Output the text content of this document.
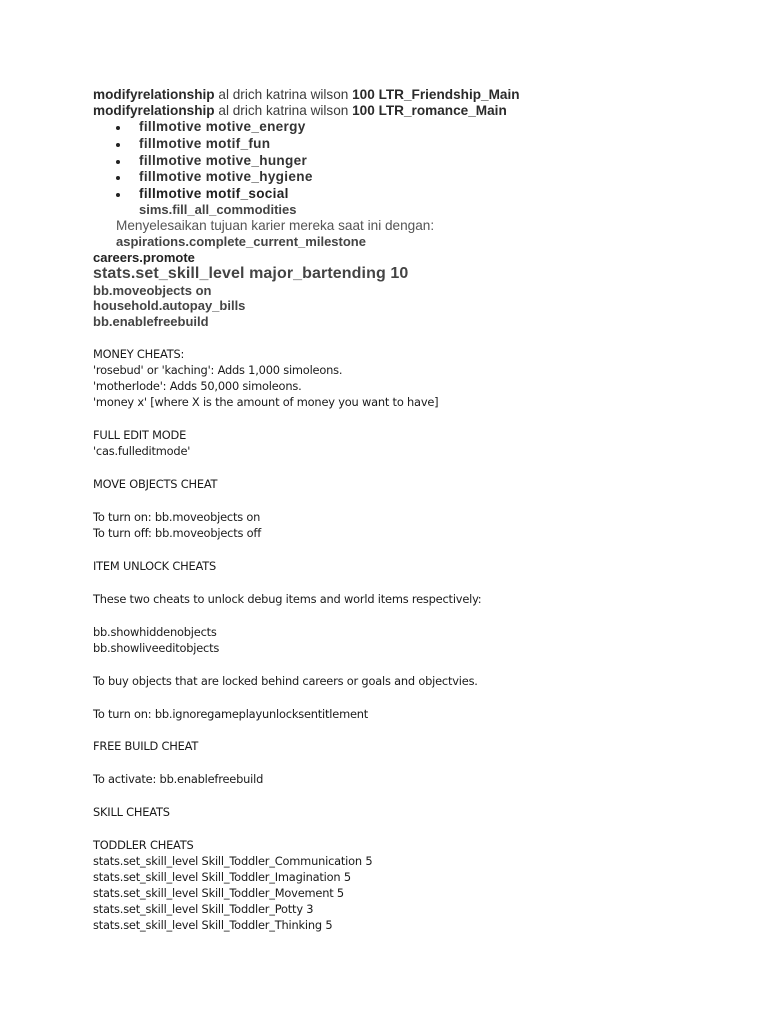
modifyrelationship al drich katrina wilson 100 LTR_Friendship_Main
modifyrelationship al drich katrina wilson 100 LTR_romance_Main
fillmotive motive_energy
fillmotive motif_fun
fillmotive motive_hunger
fillmotive motive_hygiene
fillmotive motif_social
sims.fill_all_commodities
Menyelesaikan tujuan karier mereka saat ini dengan:
aspirations.complete_current_milestone
careers.promote
stats.set_skill_level major_bartending 10
bb.moveobjects on
household.autopay_bills
bb.enablefreebuild
MONEY CHEATS:
'rosebud' or 'kaching': Adds 1,000 simoleons.
'motherlode': Adds 50,000 simoleons.
'money x' [where X is the amount of money you want to have]
FULL EDIT MODE
'cas.fulleditmode'
MOVE OBJECTS CHEAT
To turn on: bb.moveobjects on
To turn off: bb.moveobjects off
ITEM UNLOCK CHEATS
These two cheats to unlock debug items and world items respectively:
bb.showhiddenobjects
bb.showliveeditobjects
To buy objects that are locked behind careers or goals and objectvies.
To turn on: bb.ignoregameplayunlocksentitlement
FREE BUILD CHEAT
To activate: bb.enablefreebuild
SKILL CHEATS
TODDLER CHEATS
stats.set_skill_level Skill_Toddler_Communication 5
stats.set_skill_level Skill_Toddler_Imagination 5
stats.set_skill_level Skill_Toddler_Movement 5
stats.set_skill_level Skill_Toddler_Potty 3
stats.set_skill_level Skill_Toddler_Thinking 5
